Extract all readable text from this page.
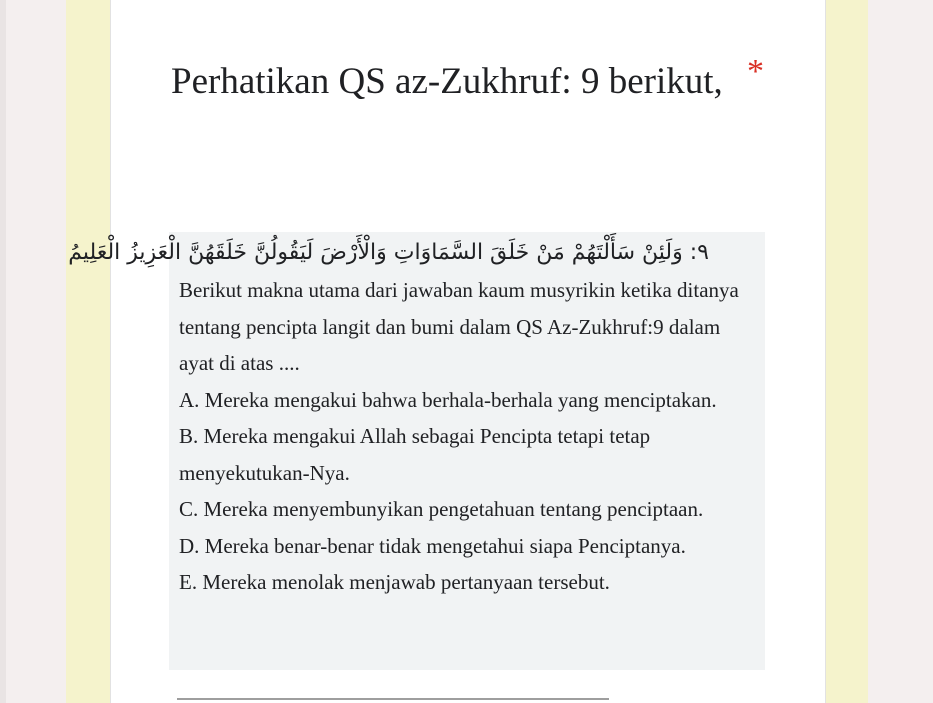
Perhatikan QS az-Zukhruf: 9 berikut, *
٩: وَلَئِنْ سَأَلْتَهُمْ مَنْ خَلَقَ السَّمَاوَاتِ وَالْأَرْضَ لَيَقُولُنَّ خَلَقَهُنَّ الْعَزِيزُ الْعَلِيمُ

Berikut makna utama dari jawaban kaum musyrikin ketika ditanya tentang pencipta langit dan bumi dalam QS Az-Zukhruf:9 dalam ayat di atas ....

A. Mereka mengakui bahwa berhala-berhala yang menciptakan.

B. Mereka mengakui Allah sebagai Pencipta tetapi tetap menyekutukan-Nya.

C. Mereka menyembunyikan pengetahuan tentang penciptaan.

D. Mereka benar-benar tidak mengetahui siapa Penciptanya.

E. Mereka menolak menjawab pertanyaan tersebut.
